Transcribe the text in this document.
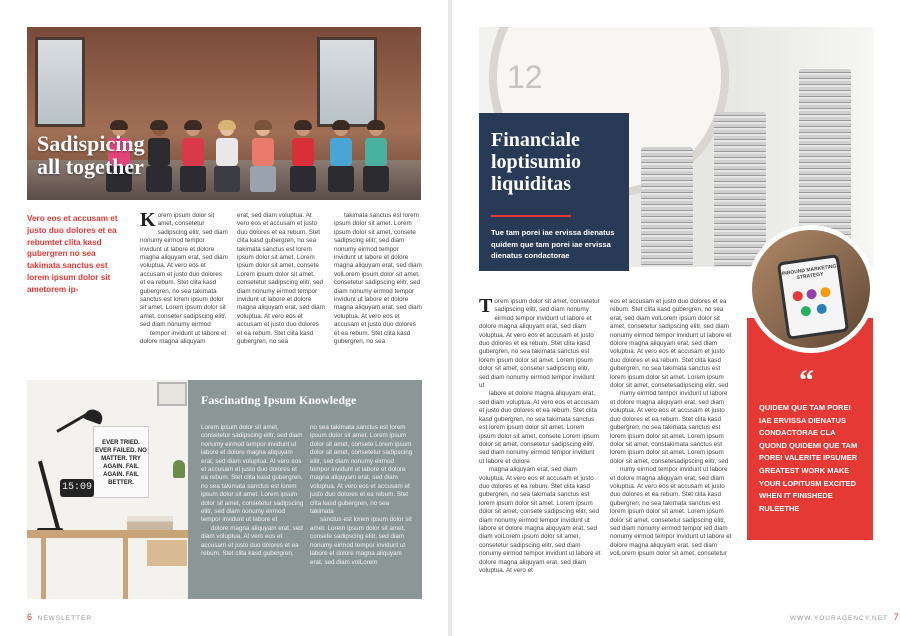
Sadispicing
all together
Vero eos et accusam et justo duo dolores et ea rebumtet clita kasd gubergren no sea takimata sanctus est lorem ipsum dolor sit ametorem ip-
K orem ipsum dolor sit amet, consetetur sadipscing elitr, sed diam nonumy eirmod tempor invidunt ut labore et dolore magna aliquyam erat, sed diam voluptua. At vero eos et accusam et justo duo dolores et ea rebum. Stet clita kasd gubergren, no sea takimata sanctus est lorem ipsum dolor sit amet. Lorem ipsum dolor sit amet, conseter sadipscing elitr, sed diam nonumy eirmod
tempor invidunt ut labore et dolore magna aliquyam
erat, sed diam voluptua. At vero eos et accusam et justo duo dolores et ea rebum. Stet clita kasd gubergren, no sea takimata sanctus est lorem ipsum dolor sit amet. Lorem ipsum dolor sit amet, consete Lorem ipsum dolor sit amet, consetetur sadipscing elitr, sed diam nonumy eirmod tempor invidunt ut labore et dolore magna aliquyam erat, sed diam voluptua. At vero eos et accusam et justo duo dolores et ea rebum. Stet clita kasd gubergren, no sea
takimata sanctus est lorem ipsum dolor sit amet. Lorem ipsum dolor sit amet, consete sadipscing elitr, sed diam nonumy eirmod tempor invidunt ut labore et dolore magna aliquyam erat, sed diam volLorem ipsum dolor sit amet, consetetur sadipscing elitr, sed diam nonumy eirmod tempor invidunt ut labore et dolore magna aliquyam erat, sed diam voluptua. At vero eos et accusam et justo duo dolores et ea rebum. Stet clita kasd gubergren, no sea
EVER TRIED. EVER FAILED. NO MATTER. TRY AGAIN. FAIL AGAIN. FAIL BETTER.
15:09
Fascinating Ipsum Knowledge
Lorem ipsum dolor sit amet, consetetur sadipscing elitr, sed diam nonumy eirmod tempor invidunt ut labore et dolore magna aliquyam erat, sed diam voluptua. At vero eos et accusam et justo duo dolores et ea rebum. Stet clita kasd gubergren, no sea takimata sanctus est lorem ipsum dolor sit amet. Lorem ipsum dolor sit amet, consetetur sadipscing elitr, sed diam nonumy eirmod tempor invidunt ut labore et
dolore magna aliquyam erat, sed diam voluptua. At vero eos et accusam et justo duo dolores et ea rebum. Stet clita kasd gubergren,
no sea takimata sanctus est lorem ipsum dolor sit amet. Lorem ipsum dolor sit amet, consete Lorem ipsum dolor sit amet, consetetur sadipscing elitr, sed diam nonumy eirmod tempor invidunt ut labore et dolore magna aliquyam erat, sed diam voluptua. At vero eos et accusam et justo duo dolores et ea rebum. Stet clita kasd gubergren, no sea takimata
sanctus est lorem ipsum dolor sit amet. Lorem ipsum dolor sit amet, consete sadipscing elitr, sed diam nonumy eirmod tempor invidunt ut labore et dolore magna aliquyam erat, sed diam volLorem
6 NEWSLETTER
12
Financiale
loptisumio
liquiditas

Tue tam porei iae ervissa dienatus quidem que tam porei iae ervissa dienatus condactorae

T orem ipsum dolor sit amet, consetetur sadipscing elitr, sed diam nonumy eirmod tempor invidunt ut labore et dolore magna aliquyam erat, sed diam voluptua. At vero eos et accusam et justo duo dolores et ea rebum. Stet clita kasd gubergren, no sea takimata sanctus est lorem ipsum dolor sit amet. Lorem ipsum dolor sit amet, conseter sadipscing elitr, sed diam nonumy eirmod tempor invidunt ut
labore et dolore magna aliquyam erat, sed diam voluptua. At vero eos et accusam et justo duo dolores et ea rebum. Stet clita kasd gubergren, no sea takimata sanctus est lorem ipsum dolor sit amet. Lorem ipsum dolor sit amet, consete Lorem ipsum dolor sit amet, consetetur sadipscing elitr, sed diam nonumy eirmod tempor invidunt ut labore et dolore
magna aliquyam erat, sed diam voluptua. At vero eos et accusam et justo duo dolores et ea rebum. Stet clita kasd gubergren, no sea takimata sanctus est lorem ipsum dolor sit amet. Lorem ipsum dolor sit amet, consete sadipscing elitr, sed diam nonumy eirmod tempor invidunt ut labore et dolore magna aliquyam erat, sed diam volLorem ipsum dolor sit amet, consetetur sadipscing elitr, sed diam nonumy eirmod tempor invidunt ut labore et dolore magna aliquyam erat, sed diam voluptua. At vero et
eos et accusam et justo duo dolores et ea rebum. Stet clita kasd gubergren, no sea erat, sed diam volLorem ipsum dolor sit amet, consetetur sadipscing elitr, sed diam nonumy eirmod tempor invidunt ut labore et dolore magna aliquyam erat, sed diam voluptua. At vero eos et accusam et justo duo dolores et ea rebum. Stet clita kasd gubergren, no sea takimata sanctus est lorem ipsum dolor sit amet. Lorem ipsum dolor sit amet, consetesadipscing elitr, sed
numy eirmod tempor invidunt ut labore et dolore magna aliquyam erat, sed diam voluptua. At vero eos et accusam et justo duo dolores et ea rebum. Stet clita kasd gubergren, no sea takimata sanctus est lorem ipsum dolor sit amet. Lorem ipsum dolor sit amet, constakimata sanctus est lorem ipsum dolor sit amet. Lorem ipsum dolor sit amet, consetesadipscing elitr, sed
numy eirmod tempor invidunt ut labore et dolore magna aliquyam erat, sed diam voluptua. At vero eos et accusam et justo duo dolores et ea rebum. Stet clita kasd gubergren, no sea takimata sanctus est lorem ipsum dolor sit amet. Lorem ipsum dolor sit amet, consetetur sadipscing elitr, sed diam nonumy eirmod tempor ied diam nonumy eirmod tempor invidunt ut labore et dolore magna aliquyam erat, sed diam volLorem ipsum dolor sit amet, consetetur
“

QUIDEM QUE TAM POREI IAE ERVISSA DIENATUS CONDACTORAE CLA QUOND QUIDEMI QUE TAM POREI VALERITE IPSUMER GREATEST WORK MAKE YOUR LOPITUSM EXCITED WHEN IT FINISHEDE RULEETHE

INBOUND MARKETING STRATEGY
WWW.YOURAGENCY.NET 7
